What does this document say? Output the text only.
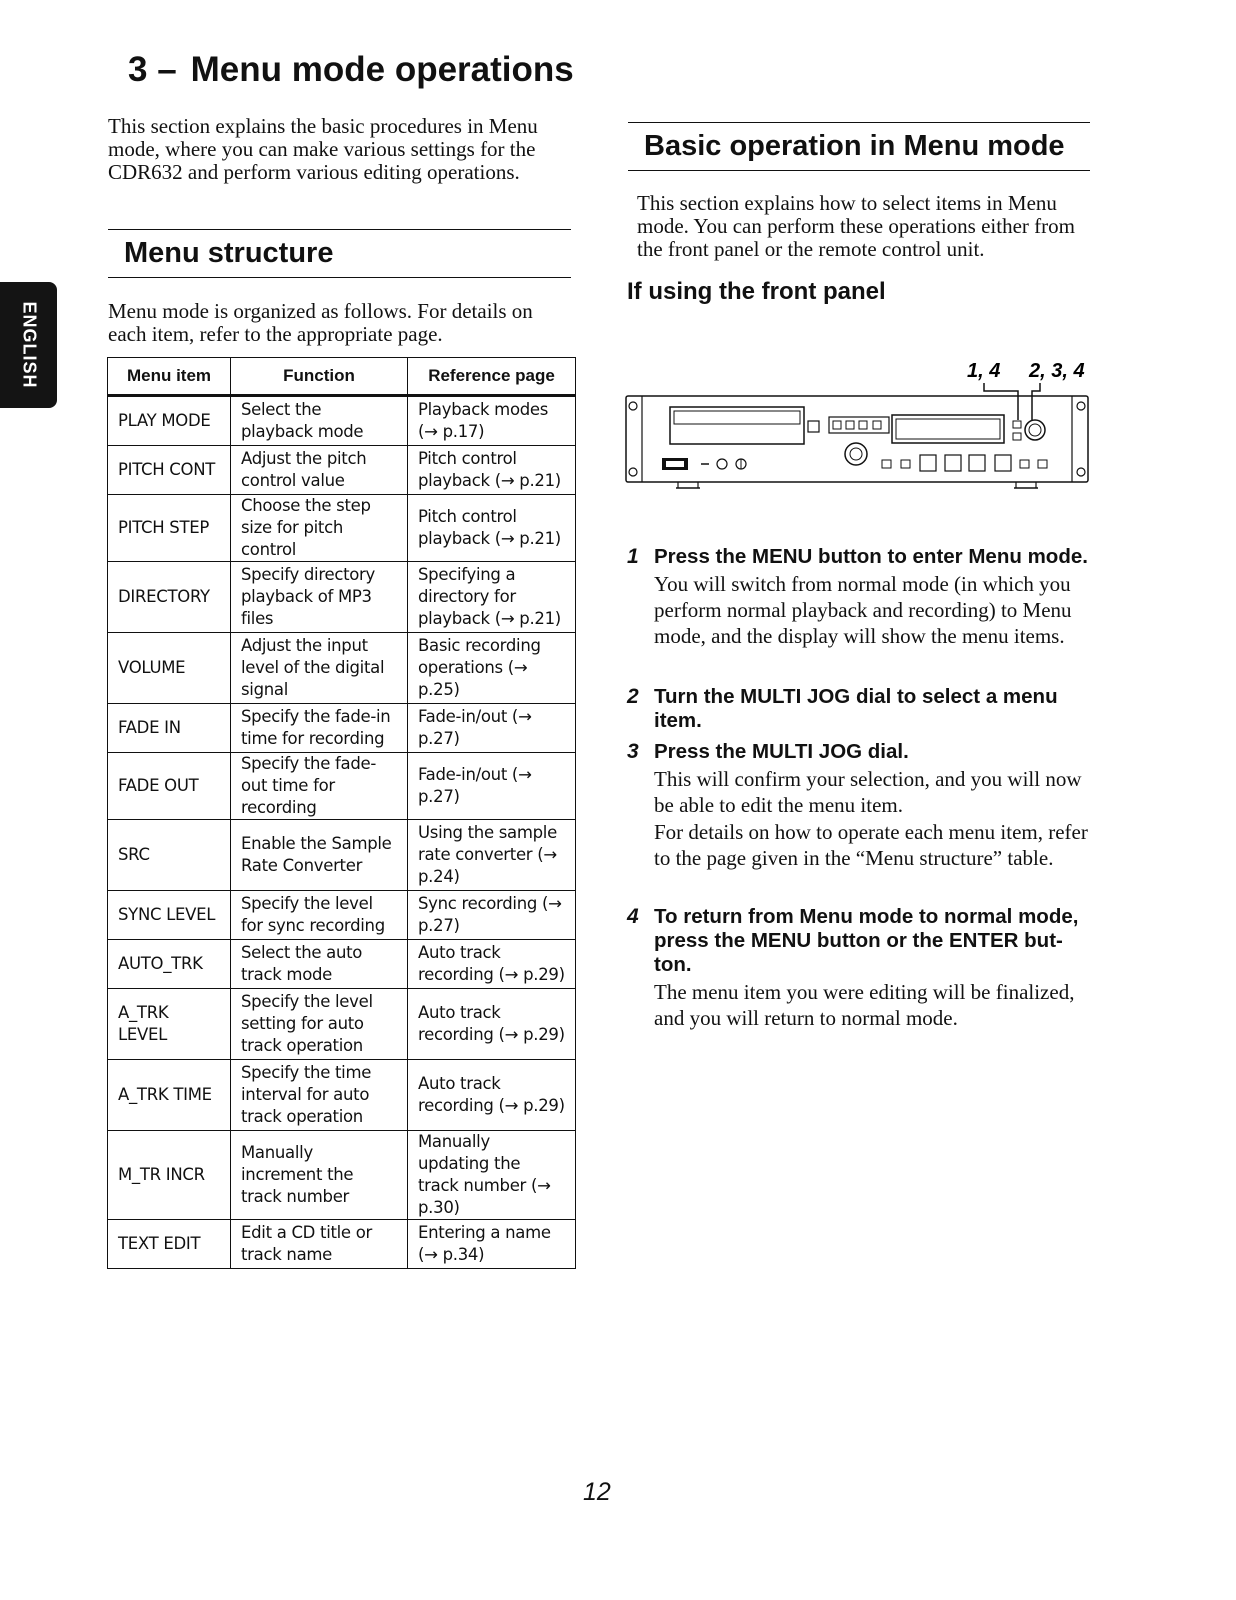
3 – Menu mode operations
This section explains the basic procedures in Menu mode, where you can make various settings for the CDR632 and perform various editing operations.
ENGLISH
Menu structure
Menu mode is organized as follows. For details on each item, refer to the appropriate page.
Menu item	Function	Reference page
PLAY MODE	Select the playback mode	Playback modes (→ p.17)
PITCH CONT	Adjust the pitch control value	Pitch control playback (→ p.21)
PITCH STEP	Choose the step size for pitch control	Pitch control playback (→ p.21)
DIRECTORY	Specify directory playback of MP3 files	Specifying a directory for playback (→ p.21)
VOLUME	Adjust the input level of the digital signal	Basic recording operations (→ p.25)
FADE IN	Specify the fade-in time for recording	Fade-in/out (→ p.27)
FADE OUT	Specify the fade-out time for recording	Fade-in/out (→ p.27)
SRC	Enable the Sample Rate Converter	Using the sample rate converter (→ p.24)
SYNC LEVEL	Specify the level for sync recording	Sync recording (→ p.27)
AUTO_TRK	Select the auto track mode	Auto track recording (→ p.29)
A_TRK LEVEL	Specify the level setting for auto track operation	Auto track recording (→ p.29)
A_TRK TIME	Specify the time interval for auto track operation	Auto track recording (→ p.29)
M_TR INCR	Manually increment the track number	Manually updating the track number (→ p.30)
TEXT EDIT	Edit a CD title or track name	Entering a name (→ p.34)
Basic operation in Menu mode
This section explains how to select items in Menu mode. You can perform these operations either from the front panel or the remote control unit.
If using the front panel
1, 4 2, 3, 4
1 Press the MENU button to enter Menu mode.

You will switch from normal mode (in which you perform normal playback and recording) to Menu mode, and the display will show the menu items.

2 Turn the MULTI JOG dial to select a menu item.
3 Press the MULTI JOG dial.

This will confirm your selection, and you will now be able to edit the menu item.

For details on how to operate each menu item, refer to the page given in the “Menu structure” table.

4 To return from Menu mode to normal mode, press the MENU button or the ENTER but- ton.

The menu item you were editing will be finalized, and you will return to normal mode.

12
